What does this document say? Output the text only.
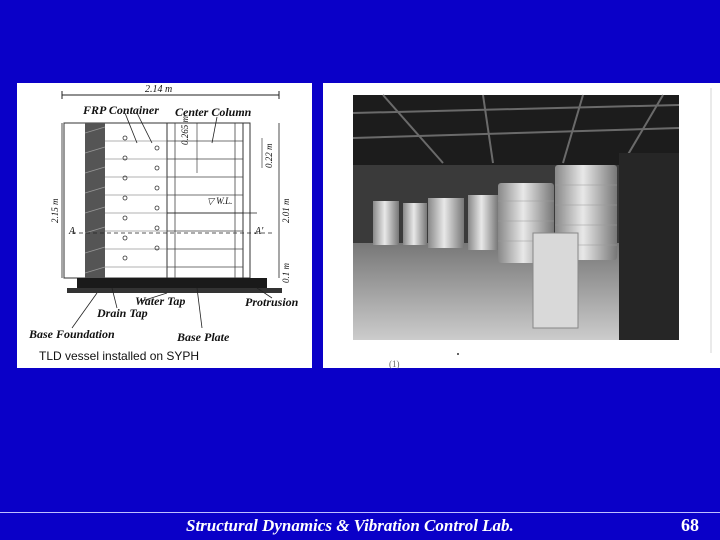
2.14 m
FRP Container Center Column
0.265 m
0.22 m
2.15 m	2.01 m
0.1 m
▽ W.L.
A	A'
Water Tap	Protrusion
Drain Tap
Base Foundation	Base Plate
TLD vessel installed on SYPH
(1)
Structural Dynamics & Vibration Control Lab.	68
